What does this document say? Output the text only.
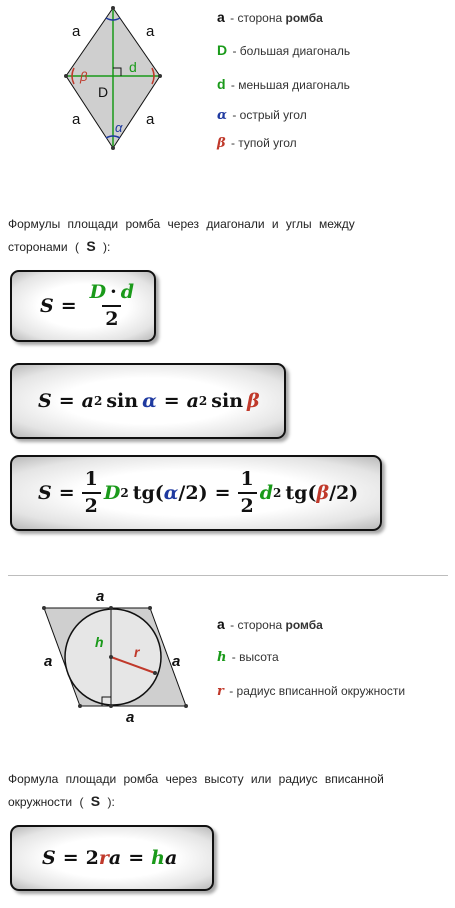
a	a
a	a
D
d
α
β
a - сторона ромба
D - большая диагональ
d - меньшая диагональ
α - острый угол
β - тупой угол
Формулы площади ромба через диагонали и углы между
сторонами ( S ):
$S = \frac{D \cdot d}{2}$
S = a 2 sin α = a 2 sin β
$S = \frac{1}{2}$ D 2 tg( α $/2) = \frac{1}{2}$ d 2 tg( β /2)
a
a
a	a
h
r
a - сторона ромба
h - высота
r - радиус вписанной окружности
Формула площади ромба через высоту или радиус вписанной
окружности ( S ):
S = 2 r a = h a
